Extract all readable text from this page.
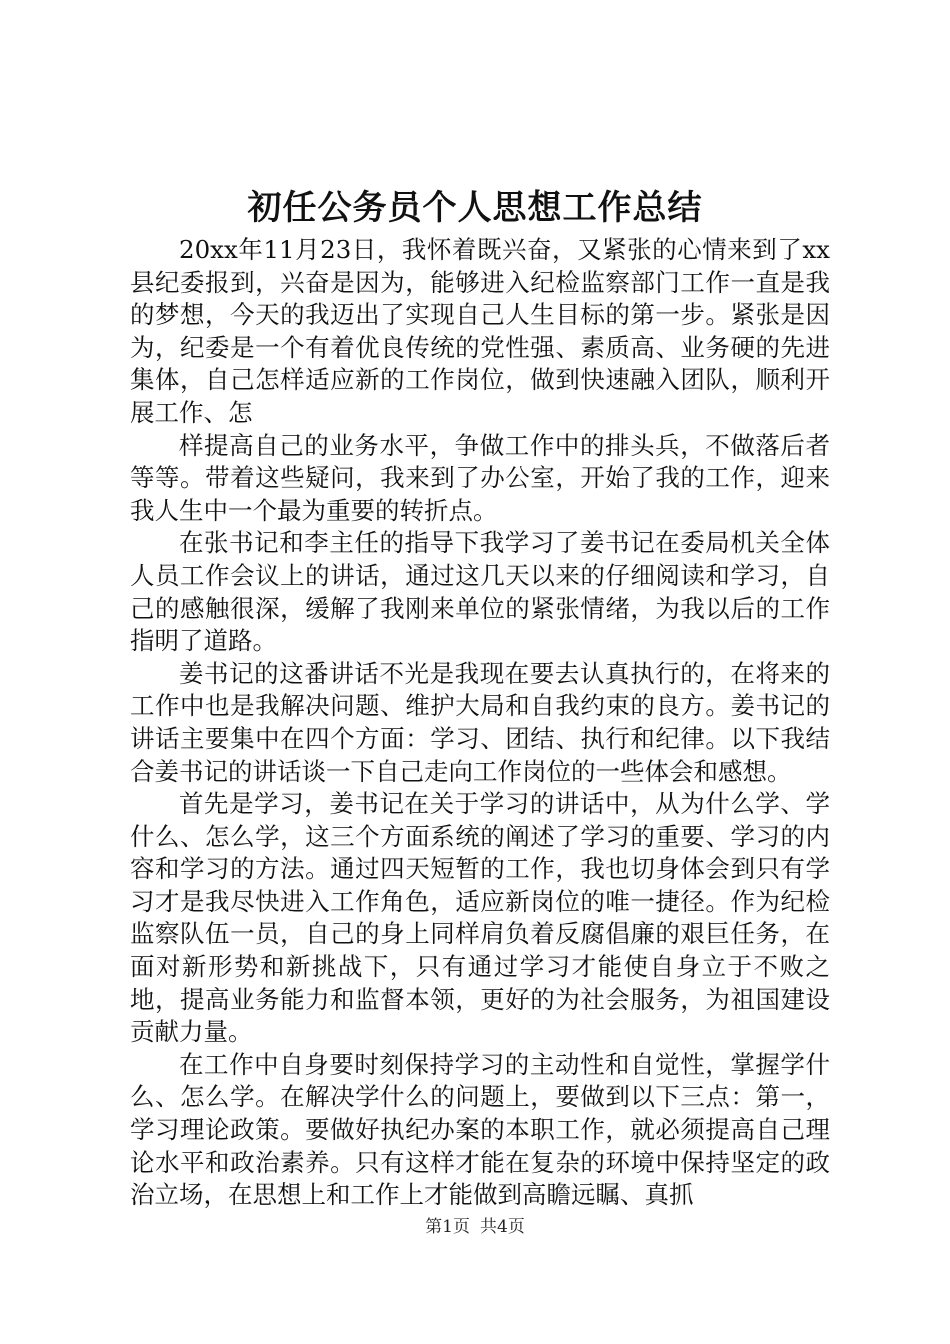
初任公务员个人思想工作总结

20xx年11月23日，我怀着既兴奋，又紧张的心情来到了xx县纪委报到，兴奋是因为，能够进入纪检监察部门工作一直是我的梦想，今天的我迈出了实现自己人生目标的第一步。紧张是因为，纪委是一个有着优良传统的党性强、素质高、业务硬的先进集体，自己怎样适应新的工作岗位，做到快速融入团队，顺利开展工作、怎

样提高自己的业务水平，争做工作中的排头兵，不做落后者等等。带着这些疑问，我来到了办公室，开始了我的工作，迎来我人生中一个最为重要的转折点。

在张书记和李主任的指导下我学习了姜书记在委局机关全体人员工作会议上的讲话，通过这几天以来的仔细阅读和学习，自己的感触很深，缓解了我刚来单位的紧张情绪，为我以后的工作指明了道路。

姜书记的这番讲话不光是我现在要去认真执行的，在将来的工作中也是我解决问题、维护大局和自我约束的良方。姜书记的讲话主要集中在四个方面：学习、团结、执行和纪律。以下我结合姜书记的讲话谈一下自己走向工作岗位的一些体会和感想。

首先是学习，姜书记在关于学习的讲话中，从为什么学、学什么、怎么学，这三个方面系统的阐述了学习的重要、学习的内容和学习的方法。通过四天短暂的工作，我也切身体会到只有学习才是我尽快进入工作角色，适应新岗位的唯一捷径。作为纪检监察队伍一员，自己的身上同样肩负着反腐倡廉的艰巨任务，在面对新形势和新挑战下，只有通过学习才能使自身立于不败之地，提高业务能力和监督本领，更好的为社会服务，为祖国建设贡献力量。

在工作中自身要时刻保持学习的主动性和自觉性，掌握学什么、怎么学。在解决学什么的问题上，要做到以下三点：第一，学习理论政策。要做好执纪办案的本职工作，就必须提高自己理论水平和政治素养。只有这样才能在复杂的环境中保持坚定的政治立场，在思想上和工作上才能做到高瞻远瞩、真抓

第1页 共4页
